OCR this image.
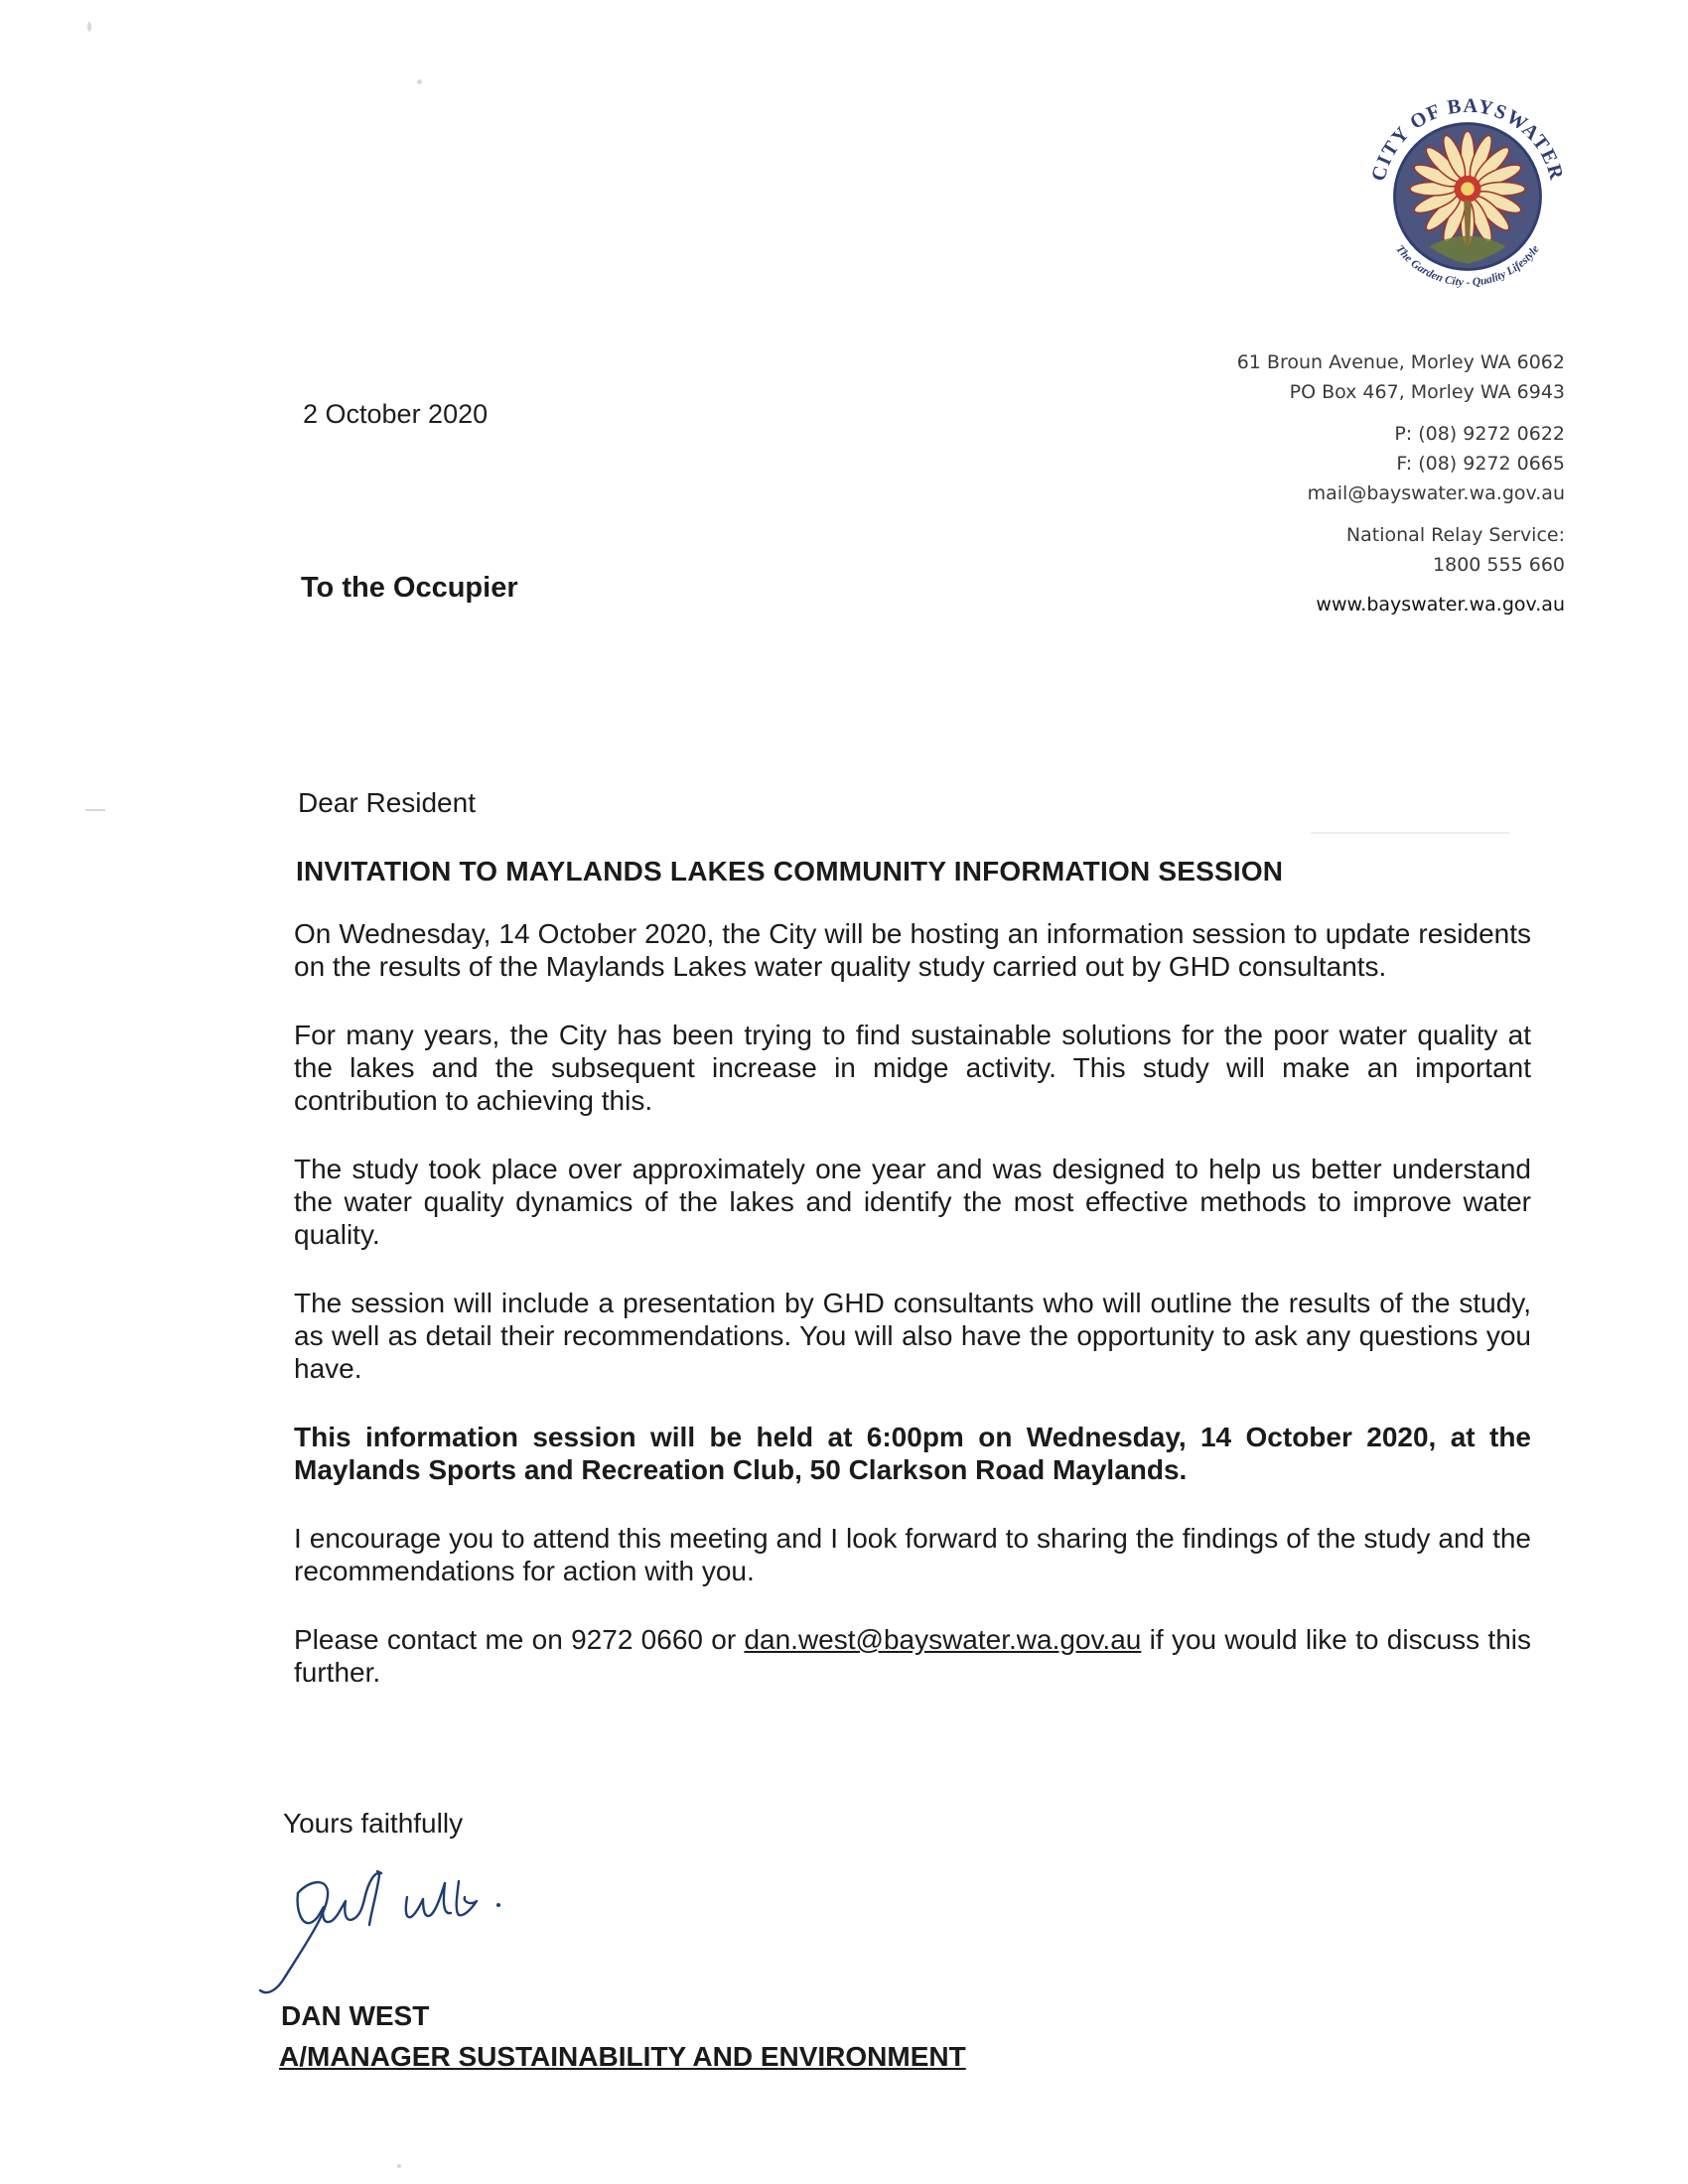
CITY OF BAYSWATER
The Garden City - Quality Lifestyle
61 Broun Avenue, Morley WA 6062
PO Box 467, Morley WA 6943
P: (08) 9272 0622
F: (08) 9272 0665
mail@bayswater.wa.gov.au
National Relay Service:
1800 555 660
www.bayswater.wa.gov.au
2 October 2020
To the Occupier
Dear Resident
INVITATION TO MAYLANDS LAKES COMMUNITY INFORMATION SESSION

On Wednesday, 14 October 2020, the City will be hosting an information session to update residents on the results of the Maylands Lakes water quality study carried out by GHD consultants.

For many years, the City has been trying to find sustainable solutions for the poor water quality at the lakes and the subsequent increase in midge activity. This study will make an important contribution to achieving this.

The study took place over approximately one year and was designed to help us better understand the water quality dynamics of the lakes and identify the most effective methods to improve water quality.

The session will include a presentation by GHD consultants who will outline the results of the study, as well as detail their recommendations. You will also have the opportunity to ask any questions you have.

This information session will be held at 6:00pm on Wednesday, 14 October 2020, at the Maylands Sports and Recreation Club, 50 Clarkson Road Maylands.

I encourage you to attend this meeting and I look forward to sharing the findings of the study and the recommendations for action with you.

Please contact me on 9272 0660 or dan.west@bayswater.wa.gov.au if you would like to discuss this further.

Yours faithfully
DAN WEST
A/MANAGER SUSTAINABILITY AND ENVIRONMENT
